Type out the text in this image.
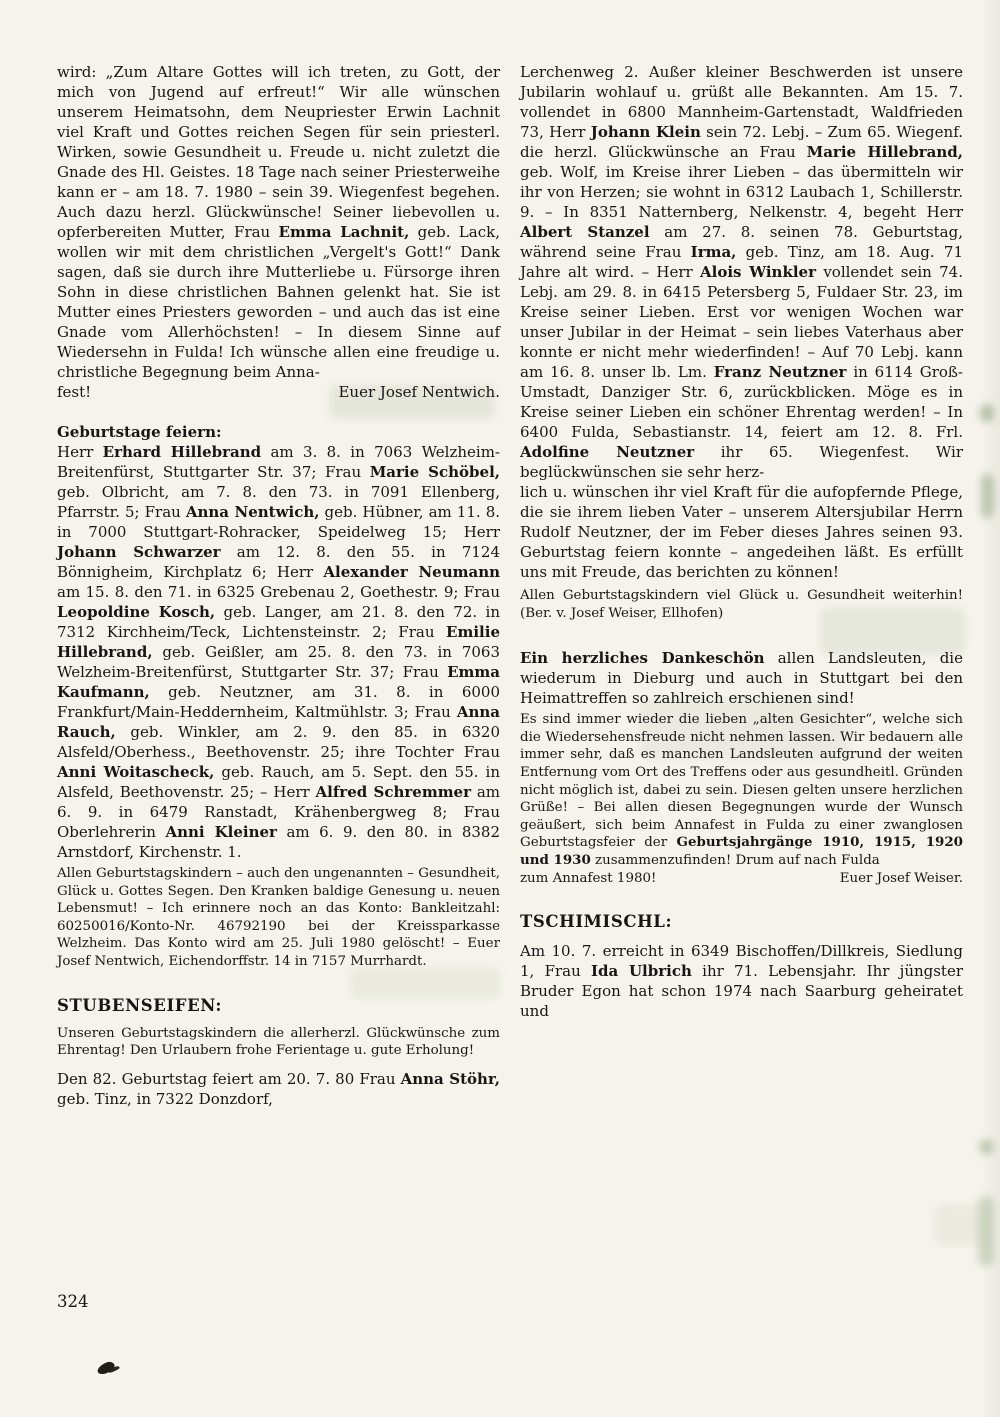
wird: „Zum Altare Gottes will ich treten, zu Gott, der mich von Jugend auf erfreut!“ Wir alle wünschen unserem Heimatsohn, dem Neupriester Erwin Lachnit viel Kraft und Gottes reichen Segen für sein priesterl. Wirken, sowie Gesundheit u. Freude u. nicht zuletzt die Gnade des Hl. Geistes. 18 Tage nach seiner Priesterweihe kann er – am 18. 7. 1980 – sein 39. Wiegenfest begehen. Auch dazu herzl. Glückwünsche! Seiner liebevollen u. opferbereiten Mutter, Frau Emma Lachnit, geb. Lack, wollen wir mit dem christlichen „Vergelt's Gott!“ Dank sagen, daß sie durch ihre Mutterliebe u. Fürsorge ihren Sohn in diese christlichen Bahnen gelenkt hat. Sie ist Mutter eines Priesters geworden – und auch das ist eine Gnade vom Allerhöchsten! – In diesem Sinne auf Wiedersehn in Fulda! Ich wünsche allen eine freudige u. christliche Begegnung beim Anna-

fest!	Euer Josef Nentwich.

Geburtstage feiern:

Herr Erhard Hillebrand am 3. 8. in 7063 Welzheim-Breitenfürst, Stuttgarter Str. 37; Frau Marie Schöbel, geb. Olbricht, am 7. 8. den 73. in 7091 Ellenberg, Pfarrstr. 5; Frau Anna Nentwich, geb. Hübner, am 11. 8. in 7000 Stuttgart-Rohracker, Speidelweg 15; Herr Johann Schwarzer am 12. 8. den 55. in 7124 Bönnigheim, Kirchplatz 6; Herr Alexander Neumann am 15. 8. den 71. in 6325 Grebenau 2, Goethestr. 9; Frau Leopoldine Kosch, geb. Langer, am 21. 8. den 72. in 7312 Kirchheim/Teck, Lichtensteinstr. 2; Frau Emilie Hillebrand, geb. Geißler, am 25. 8. den 73. in 7063 Welzheim-Breitenfürst, Stuttgarter Str. 37; Frau Emma Kaufmann, geb. Neutzner, am 31. 8. in 6000 Frankfurt/Main-Heddernheim, Kaltmühlstr. 3; Frau Anna Rauch, geb. Winkler, am 2. 9. den 85. in 6320 Alsfeld/Oberhess., Beethovenstr. 25; ihre Tochter Frau Anni Woitascheck, geb. Rauch, am 5. Sept. den 55. in Alsfeld, Beethovenstr. 25; – Herr Alfred Schremmer am 6. 9. in 6479 Ranstadt, Krähenbergweg 8; Frau Oberlehrerin Anni Kleiner am 6. 9. den 80. in 8382 Arnstdorf, Kirchenstr. 1.

Allen Geburtstagskindern – auch den ungenannten – Gesundheit, Glück u. Gottes Segen. Den Kranken baldige Genesung u. neuen Lebensmut! – Ich erinnere noch an das Konto: Bankleitzahl: 60250016/Konto-Nr. 46792190 bei der Kreissparkasse Welzheim. Das Konto wird am 25. Juli 1980 gelöscht! – Euer Josef Nentwich, Eichendorffstr. 14 in 7157 Murrhardt.

STUBENSEIFEN:

Unseren Geburtstagskindern die allerherzl. Glückwünsche zum Ehrentag! Den Urlaubern frohe Ferientage u. gute Erholung!

Den 82. Geburtstag feiert am 20. 7. 80 Frau Anna Stöhr, geb. Tinz, in 7322 Donzdorf,

Lerchenweg 2. Außer kleiner Beschwerden ist unsere Jubilarin wohlauf u. grüßt alle Bekannten. Am 15. 7. vollendet in 6800 Mannheim-Gartenstadt, Waldfrieden 73, Herr Johann Klein sein 72. Lebj. – Zum 65. Wiegenf. die herzl. Glückwünsche an Frau Marie Hillebrand, geb. Wolf, im Kreise ihrer Lieben – das übermitteln wir ihr von Herzen; sie wohnt in 6312 Laubach 1, Schillerstr. 9. – In 8351 Natternberg, Nelkenstr. 4, begeht Herr Albert Stanzel am 27. 8. seinen 78. Geburtstag, während seine Frau Irma, geb. Tinz, am 18. Aug. 71 Jahre alt wird. – Herr Alois Winkler vollendet sein 74. Lebj. am 29. 8. in 6415 Petersberg 5, Fuldaer Str. 23, im Kreise seiner Lieben. Erst vor wenigen Wochen war unser Jubilar in der Heimat – sein liebes Vaterhaus aber konnte er nicht mehr wiederfinden! – Auf 70 Lebj. kann am 16. 8. unser lb. Lm. Franz Neutzner in 6114 Groß-Umstadt, Danziger Str. 6, zurückblicken. Möge es in Kreise seiner Lieben ein schöner Ehrentag werden! – In 6400 Fulda, Sebastianstr. 14, feiert am 12. 8. Frl. Adolfine Neutzner ihr 65. Wiegenfest. Wir beglückwünschen sie sehr herz-

lich u. wünschen ihr viel Kraft für die aufopfernde Pflege, die sie ihrem lieben Vater – unserem Altersjubilar Herrn Rudolf Neutzner, der im Feber dieses Jahres seinen 93. Geburtstag feiern konnte – angedeihen läßt. Es erfüllt uns mit Freude, das berichten zu können!

Allen Geburtstagskindern viel Glück u. Gesundheit weiterhin! (Ber. v. Josef Weiser, Ellhofen)

Ein herzliches Dankeschön allen Landsleuten, die wiederum in Dieburg und auch in Stuttgart bei den Heimattreffen so zahlreich erschienen sind!

Es sind immer wieder die lieben „alten Gesichter“, welche sich die Wiedersehensfreude nicht nehmen lassen. Wir bedauern alle immer sehr, daß es manchen Landsleuten aufgrund der weiten Entfernung vom Ort des Treffens oder aus gesundheitl. Gründen nicht möglich ist, dabei zu sein. Diesen gelten unsere herzlichen Grüße! – Bei allen diesen Begegnungen wurde der Wunsch geäußert, sich beim Annafest in Fulda zu einer zwanglosen Geburtstagsfeier der Geburtsjahrgänge 1910, 1915, 1920 und 1930 zusammenzufinden! Drum auf nach Fulda

zum Annafest 1980!	Euer Josef Weiser.
TSCHIMISCHL:

Am 10. 7. erreicht in 6349 Bischoffen/Dillkreis, Siedlung 1, Frau Ida Ulbrich ihr 71. Lebensjahr. Ihr jüngster Bruder Egon hat schon 1974 nach Saarburg geheiratet und

324
